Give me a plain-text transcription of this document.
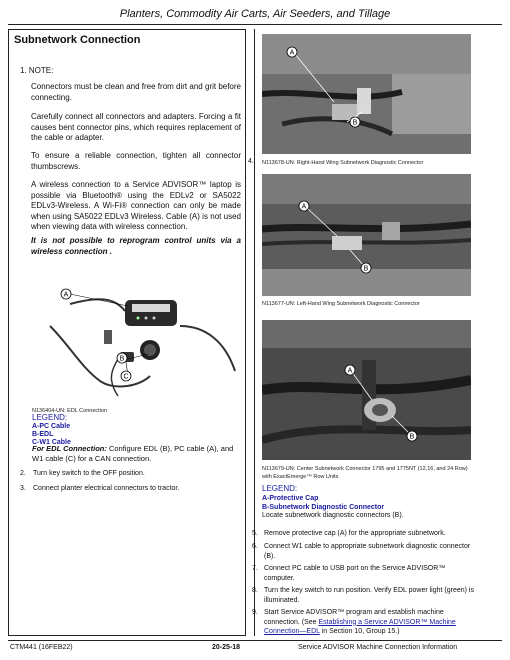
Planters, Commodity Air Carts, Air Seeders, and Tillage
Subnetwork Connection
1. NOTE:
Connectors must be clean and free from dirt and grit before connecting.
Carefully connect all connectors and adapters. Forcing a fit causes bent connector pins, which requires replacement of the cable or adapter.
To ensure a reliable connection, tighten all connector thumbscrews.
A wireless connection to a Service ADVISOR™ laptop is possible via Bluetooth® using the EDLv2 or SA5022 EDLv3-Wireless. A Wi-Fi® connection can only be made when using SA5022 EDLv3 Wireless. Cable (A) is not used when viewing data with wireless connection.
It is not possible to reprogram control units via a wireless connection .
A
B
C
N136404-UN: EDL Connection
LEGEND:
A-PC Cable
B-EDL
C-W1 Cable
For EDL Connection: Configure EDL (B), PC cable (A), and W1 cable (C) for a CAN connection.
2. Turn key switch to the OFF position.
3. Connect planter electrical connectors to tractor.
A
B
4. N113678-UN: Right-Hand Wing Subnetwork Diagnostic Connector
A
B
N113677-UN: Left-Hand Wing Subnetwork Diagnostic Connector
A
B
N113679-UN: Center Subnetwork Connector 1795 and 1775NT (12,16, and 24 Row) with ExactEmerge™ Row Units
LEGEND:
A-Protective Cap
B-Subnetwork Diagnostic Connector
Locate subnetwork diagnostic connectors (B).
5. Remove protective cap (A) for the appropriate subnetwork.
6. Connect W1 cable to appropriate subnetwork diagnostic connector (B).
7. Connect PC cable to USB port on the Service ADVISOR™ computer.
8. Turn the key switch to run position. Verify EDL power light (green) is illuminated.
9. Start Service ADVISOR™ program and establish machine connection. (See Establishing a Service ADVISOR™ Machine Connection—EDL in Section 10, Group 15.)
CTM441 (16FEB22)	20-25-18	Service ADVISOR Machine Connection Information
